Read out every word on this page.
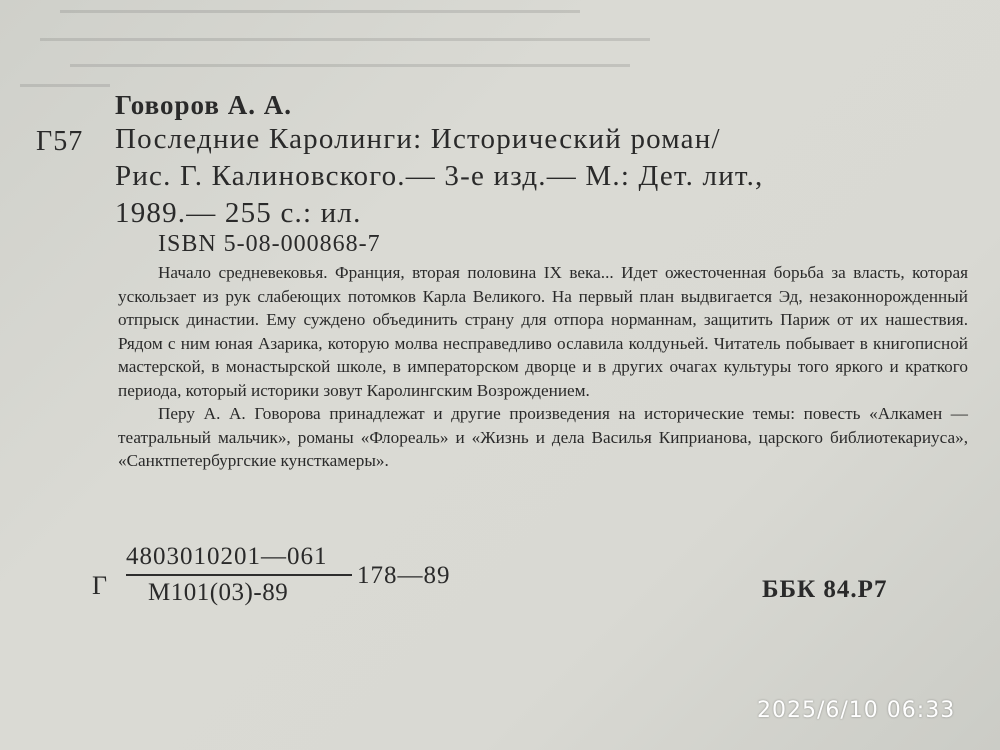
Говоров А. А.
Г57 Последние Каролинги: Исторический роман/
Рис. Г. Калиновского.— 3-е изд.— М.: Дет. лит.,
1989.— 255 с.: ил.
ISBN 5-08-000868-7

Начало средневековья. Франция, вторая половина IX века... Идет ожесточенная борьба за власть, которая ускользает из рук слабеющих потомков Карла Великого. На первый план выдвигается Эд, незаконнорожденный отпрыск династии. Ему суждено объединить страну для отпора норманнам, защитить Париж от их нашествия. Рядом с ним юная Азарика, которую молва несправедливо ославила колдуньей. Читатель побывает в книгописной мастерской, в монастырской школе, в императорском дворце и в других очагах культуры того яркого и краткого периода, который историки зовут Каролингским Возрождением.

Перу А. А. Говорова принадлежат и другие произведения на исторические темы: повесть «Алкамен — театральный мальчик», романы «Флореаль» и «Жизнь и дела Василья Киприанова, царского библиотекариуса», «Санктпетербургские кунсткамеры».

Г
4803010201—061
М101(03)-89
178—89
ББК 84.Р7
2025/6/10 06:33
